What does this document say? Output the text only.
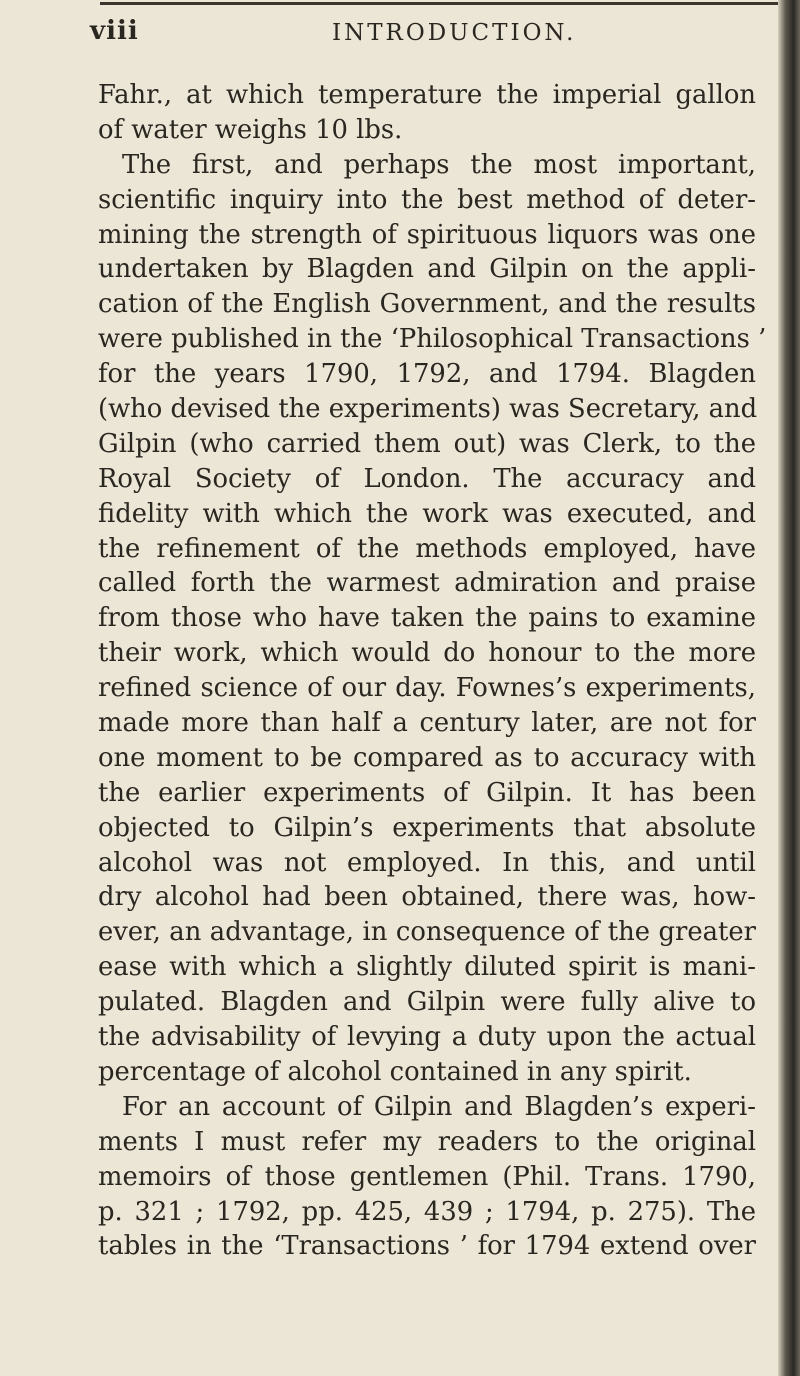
viii	INTRODUCTION.
Fahr., at which temperature the imperial gallon
of water weighs 10 lbs.
The first, and perhaps the most important,
scientific inquiry into the best method of deter-
mining the strength of spirituous liquors was one
undertaken by Blagden and Gilpin on the appli-
cation of the English Government, and the results
were published in the ‘Philosophical Transactions ’
for the years 1790, 1792, and 1794. Blagden
(who devised the experiments) was Secretary, and
Gilpin (who carried them out) was Clerk, to the
Royal Society of London. The accuracy and
fidelity with which the work was executed, and
the refinement of the methods employed, have
called forth the warmest admiration and praise
from those who have taken the pains to examine
their work, which would do honour to the more
refined science of our day. Fownes’s experiments,
made more than half a century later, are not for
one moment to be compared as to accuracy with
the earlier experiments of Gilpin. It has been
objected to Gilpin’s experiments that absolute
alcohol was not employed. In this, and until
dry alcohol had been obtained, there was, how-
ever, an advantage, in consequence of the greater
ease with which a slightly diluted spirit is mani-
pulated. Blagden and Gilpin were fully alive to
the advisability of levying a duty upon the actual
percentage of alcohol contained in any spirit.
For an account of Gilpin and Blagden’s experi-
ments I must refer my readers to the original
memoirs of those gentlemen (Phil. Trans. 1790,
p. 321 ; 1792, pp. 425, 439 ; 1794, p. 275). The
tables in the ‘Transactions ’ for 1794 extend over
